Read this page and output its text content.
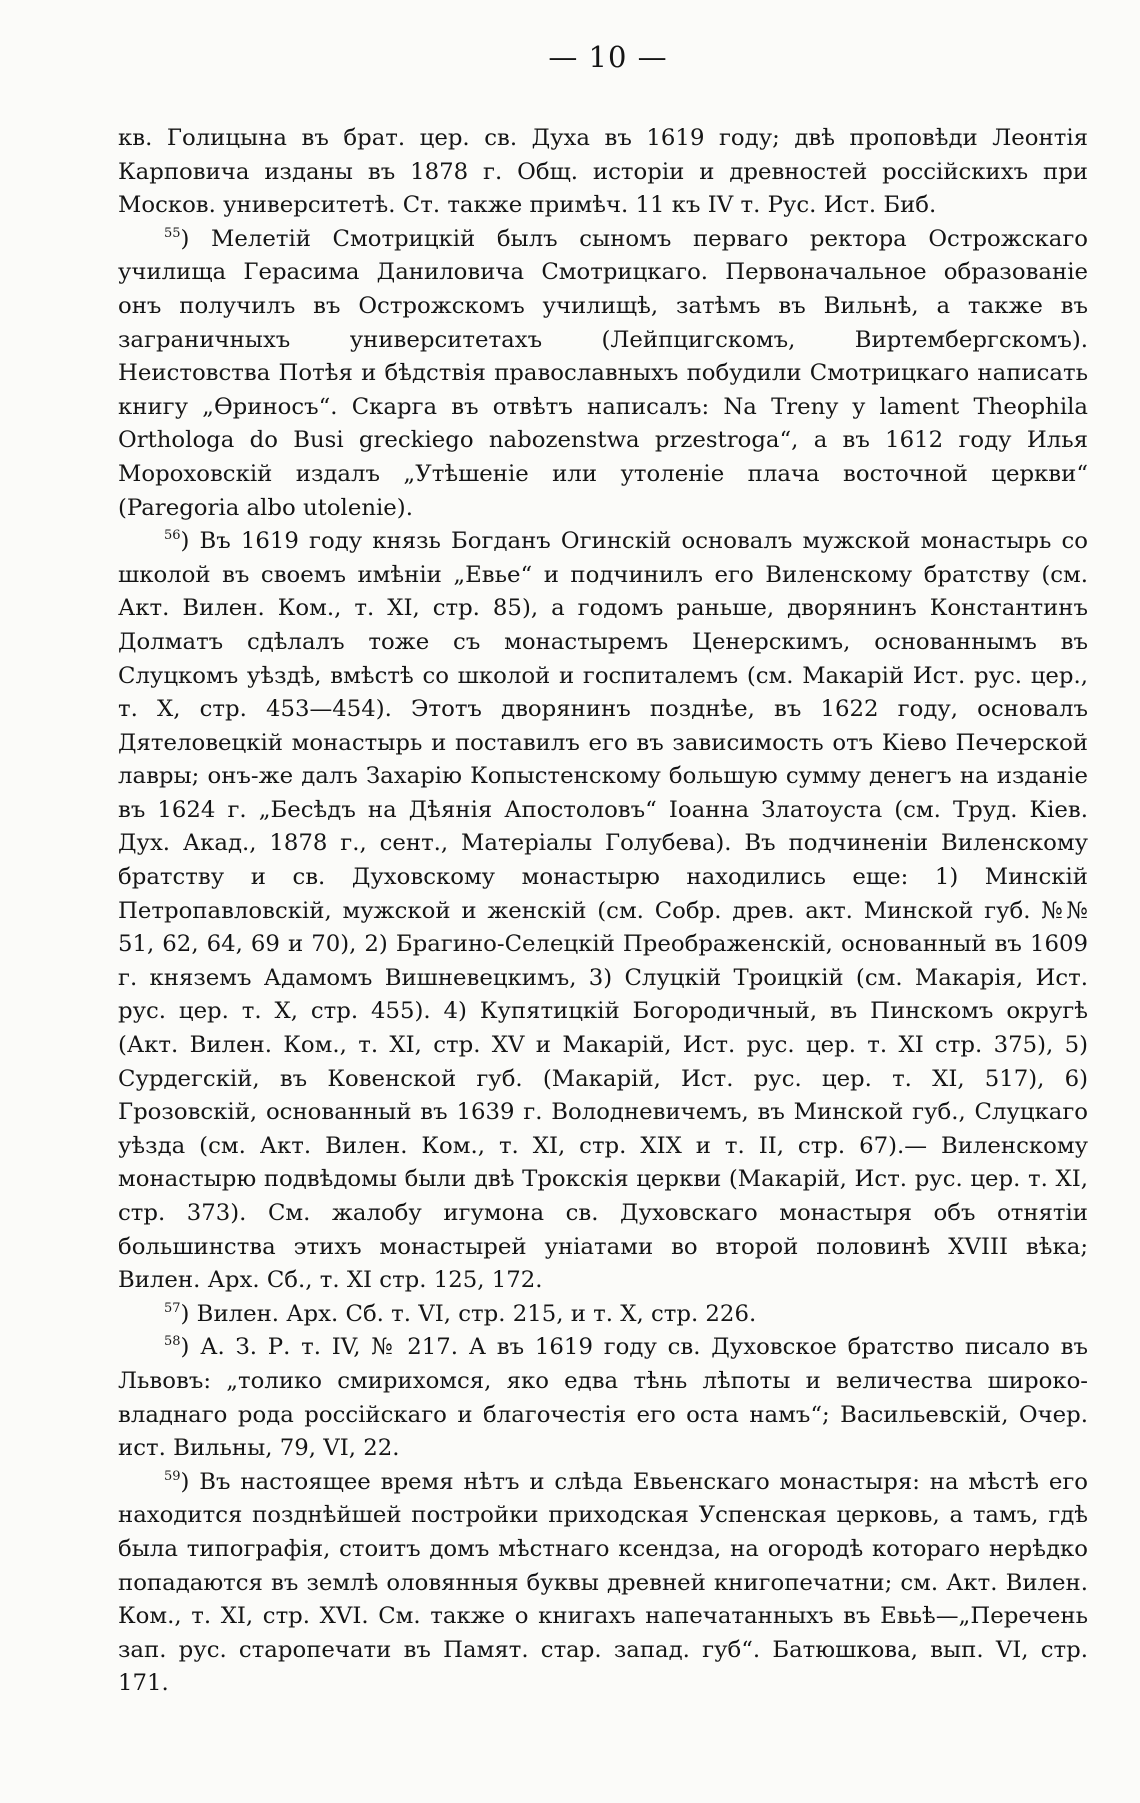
— 10 —

кв. Голицына въ брат. цер. св. Духа въ 1619 году; двѣ проповѣди Леонтія Карповича изданы въ 1878 г. Общ. исторіи и древностей россійскихъ при Москов. университетѣ. Ст. также примѣч. 11 къ IV т. Рус. Ист. Биб.

$^{55}$) Мелетій Смотрицкій былъ сыномъ перваго ректора Острожскаго училища Герасима Даниловича Смотрицкаго. Первоначальное образованіе онъ получилъ въ Острожскомъ училищѣ, затѣмъ въ Вильнѣ, а также въ заграничныхъ университетахъ (Лейпцигскомъ, Виртембергскомъ). Неистовства Потѣя и бѣдствія православныхъ побудили Смотрицкаго написать книгу „Өриносъ“. Скарга въ отвѣтъ написалъ: Na Treny y lament Theophila Orthologa do Busi greckiego nabozenstwa przestroga“, а въ 1612 году Илья Мороховскій издалъ „Утѣшеніе или утоленіе плача восточной церкви“ (Paregoria albo utolenie).

$^{56}$) Въ 1619 году князь Богданъ Огинскій основалъ мужской монастырь со школой въ своемъ имѣніи „Евье“ и подчинилъ его Виленскому братству (см. Акт. Вилен. Ком., т. XI, стр. 85), а годомъ раньше, дворянинъ Константинъ Долматъ сдѣлалъ тоже съ монастыремъ Ценерскимъ, основаннымъ въ Слуцкомъ уѣздѣ, вмѣстѣ со школой и госпиталемъ (см. Макарій Ист. рус. цер., т. X, стр. 453—454). Этотъ дворянинъ позднѣе, въ 1622 году, основалъ Дятеловецкій монастырь и поставилъ его въ зависимость отъ Кіево Печерской лавры; онъ-же далъ Захарію Копыстенскому большую сумму денегъ на изданіе въ 1624 г. „Бесѣдъ на Дѣянія Апостоловъ“ Іоанна Златоуста (см. Труд. Кіев. Дух. Акад., 1878 г., сент., Матеріалы Голубева). Въ подчиненіи Виленскому братству и св. Духовскому монастырю находились еще: 1) Минскій Петропавловскій, мужской и женскій (см. Собр. древ. акт. Минской губ. №№ 51, 62, 64, 69 и 70), 2) Брагино-Селецкій Преображенскій, основанный въ 1609 г. княземъ Адамомъ Вишневецкимъ, 3) Слуцкій Троицкій (см. Макарія, Ист. рус. цер. т. X, стр. 455). 4) Купятицкій Богородичный, въ Пинскомъ округѣ (Акт. Вилен. Ком., т. XI, стр. XV и Макарій, Ист. рус. цер. т. XI стр. 375), 5) Сурдегскій, въ Ковенской губ. (Макарій, Ист. рус. цер. т. XI, 517), 6) Грозовскій, основанный въ 1639 г. Володневичемъ, въ Минской губ., Слуцкаго уѣзда (см. Акт. Вилен. Ком., т. XI, стр. XIX и т. II, стр. 67).— Виленскому монастырю подвѣдомы были двѣ Трокскія церкви (Макарій, Ист. рус. цер. т. XI, стр. 373). См. жалобу игумона св. Духовскаго монастыря объ отнятіи большинства этихъ монастырей уніатами во второй половинѣ XVIII вѣка; Вилен. Арх. Сб., т. XI стр. 125, 172.

$^{57}$) Вилен. Арх. Сб. т. VI, стр. 215, и т. X, стр. 226.

$^{58}$) А. З. Р. т. IV, № 217. А въ 1619 году св. Духовское братство писало въ Львовъ: „толико смирихомся, яко едва тѣнь лѣпоты и величества широко-владнаго рода россійскаго и благочестія его оста намъ“; Васильевскій, Очер. ист. Вильны, 79, VI, 22.

$^{59}$) Въ настоящее время нѣтъ и слѣда Евьенскаго монастыря: на мѣстѣ его находится позднѣйшей постройки приходская Успенская церковь, а тамъ, гдѣ была типографія, стоитъ домъ мѣстнаго ксендза, на огородѣ котораго нерѣдко попадаются въ землѣ оловянныя буквы древней книгопечатни; см. Акт. Вилен. Ком., т. XI, стр. XVI. См. также о книгахъ напечатанныхъ въ Евьѣ—„Перечень зап. рус. старопечати въ Памят. стар. запад. губ“. Батюшкова, вып. VI, стр. 171.
